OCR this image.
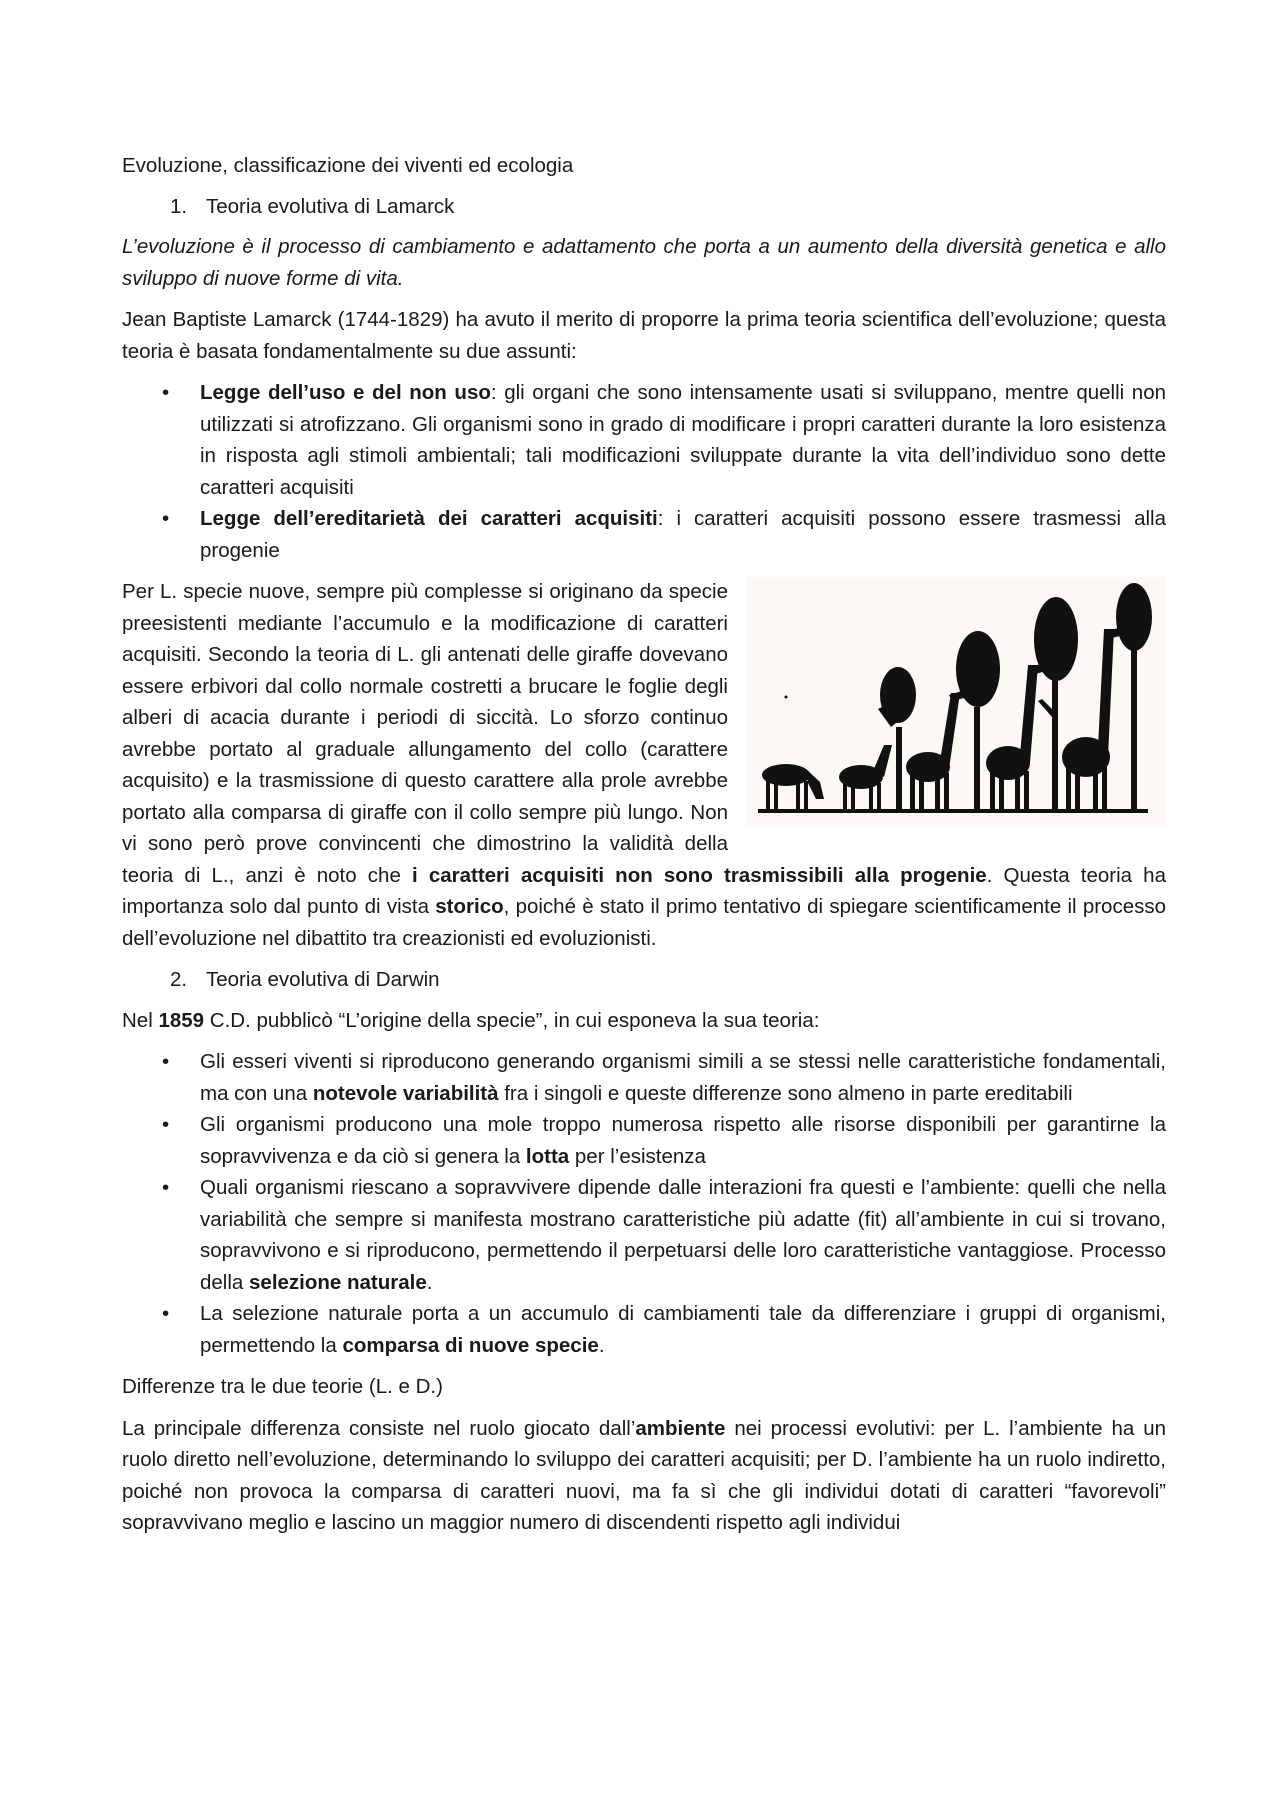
Evoluzione, classificazione dei viventi ed ecologia

1. Teoria evolutiva di Lamarck

L’evoluzione è il processo di cambiamento e adattamento che porta a un aumento della diversità genetica e allo sviluppo di nuove forme di vita.

Jean Baptiste Lamarck (1744-1829) ha avuto il merito di proporre la prima teoria scientifica dell’evoluzione; questa teoria è basata fondamentalmente su due assunti:

• Legge dell’uso e del non uso: gli organi che sono intensamente usati si sviluppano, mentre quelli non utilizzati si atrofizzano. Gli organismi sono in grado di modificare i propri caratteri durante la loro esistenza in risposta agli stimoli ambientali; tali modificazioni sviluppate durante la vita dell’individuo sono dette caratteri acquisiti
• Legge dell’ereditarietà dei caratteri acquisiti: i caratteri acquisiti possono essere trasmessi alla progenie

Per L. specie nuove, sempre più complesse si originano da specie preesistenti mediante l’accumulo e la modificazione di caratteri acquisiti. Secondo la teoria di L. gli antenati delle giraffe dovevano essere erbivori dal collo normale costretti a brucare le foglie degli alberi di acacia durante i periodi di siccità. Lo sforzo continuo avrebbe portato al graduale allungamento del collo (carattere acquisito) e la trasmissione di questo carattere alla prole avrebbe portato alla comparsa di giraffe con il collo sempre più lungo. Non vi sono però prove convincenti che dimostrino la validità della teoria di L., anzi è noto che i caratteri acquisiti non sono trasmissibili alla progenie. Questa teoria ha importanza solo dal punto di vista storico, poiché è stato il primo tentativo di spiegare scientificamente il processo dell’evoluzione nel dibattito tra creazionisti ed evoluzionisti.

2. Teoria evolutiva di Darwin

Nel 1859 C.D. pubblicò “L’origine della specie”, in cui esponeva la sua teoria:

• Gli esseri viventi si riproducono generando organismi simili a se stessi nelle caratteristiche fondamentali, ma con una notevole variabilità fra i singoli e queste differenze sono almeno in parte ereditabili
• Gli organismi producono una mole troppo numerosa rispetto alle risorse disponibili per garantirne la sopravvivenza e da ciò si genera la lotta per l’esistenza
• Quali organismi riescano a sopravvivere dipende dalle interazioni fra questi e l’ambiente: quelli che nella variabilità che sempre si manifesta mostrano caratteristiche più adatte (fit) all’ambiente in cui si trovano, sopravvivono e si riproducono, permettendo il perpetuarsi delle loro caratteristiche vantaggiose. Processo della selezione naturale.
• La selezione naturale porta a un accumulo di cambiamenti tale da differenziare i gruppi di organismi, permettendo la comparsa di nuove specie.

Differenze tra le due teorie (L. e D.)

La principale differenza consiste nel ruolo giocato dall’ambiente nei processi evolutivi: per L. l’ambiente ha un ruolo diretto nell’evoluzione, determinando lo sviluppo dei caratteri acquisiti; per D. l’ambiente ha un ruolo indiretto, poiché non provoca la comparsa di caratteri nuovi, ma fa sì che gli individui dotati di caratteri “favorevoli” sopravvivano meglio e lascino un maggior numero di discendenti rispetto agli individui
